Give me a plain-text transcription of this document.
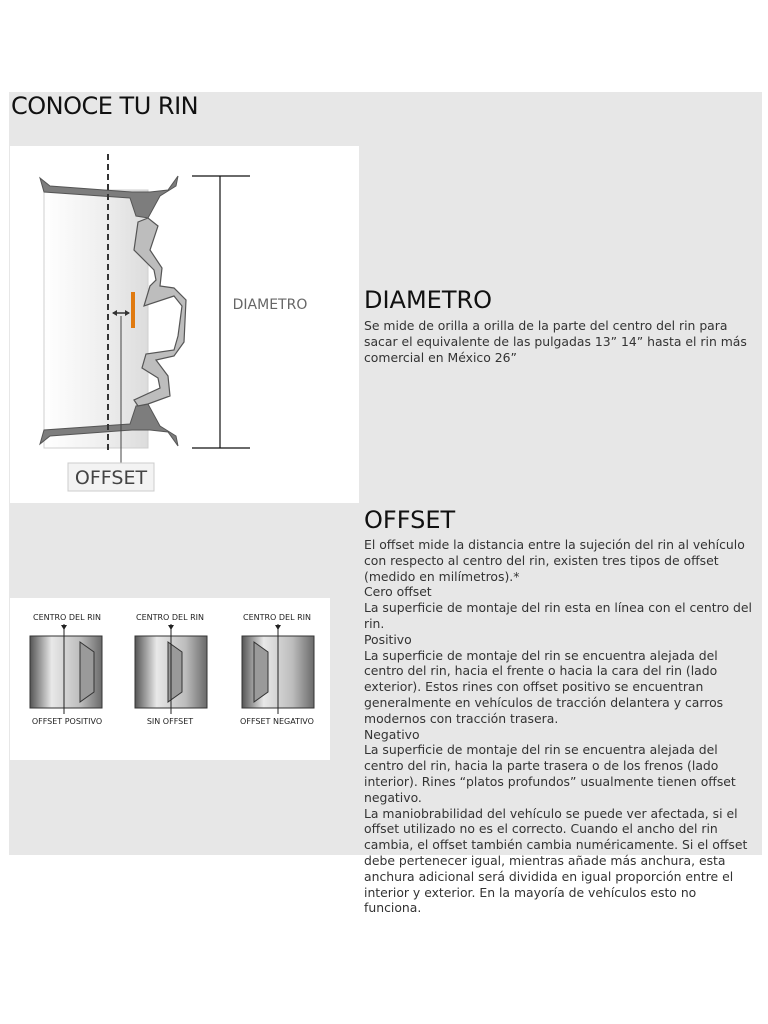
CONOCE TU RIN
OFFSET
DIAMETRO
CENTRO DEL RIN
OFFSET POSITIVO
CENTRO DEL RIN
SIN OFFSET
CENTRO DEL RIN
OFFSET NEGATIVO
DIAMETRO

Se mide de orilla a orilla de la parte del centro del rin para sacar el equivalente de las pulgadas 13” 14” hasta el rin más comercial en México 26”

OFFSET

El offset mide la distancia entre la sujeción del rin al vehículo con respecto al centro del rin, existen tres tipos de offset (medido en milímetros).*

Cero offset

La superficie de montaje del rin esta en línea con el centro del rin.

Positivo

La superficie de montaje del rin se encuentra alejada del centro del rin, hacia el frente o hacia la cara del rin (lado exterior). Estos rines con offset positivo se encuentran generalmente en vehículos de tracción delantera y carros modernos con tracción trasera.

Negativo

La superficie de montaje del rin se encuentra alejada del centro del rin, hacia la parte trasera o de los frenos (lado interior). Rines “platos profundos” usualmente tienen offset negativo.

La maniobrabilidad del vehículo se puede ver afectada, si el offset utilizado no es el correcto. Cuando el ancho del rin cambia, el offset también cambia numéricamente. Si el offset debe pertenecer igual, mientras añade más anchura, esta anchura adicional será dividida en igual proporción entre el interior y exterior. En la mayoría de vehículos esto no funciona.
